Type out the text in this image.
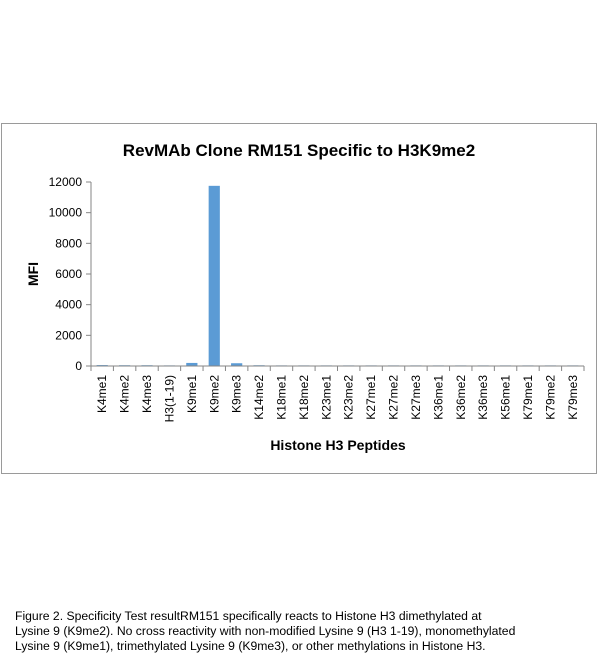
RevMAb Clone RM151 Specific to H3K9me2
MFI
Histone H3 Peptides
0
2000
4000
6000
8000
10000
12000
K4me1 K4me2 K4me3 H3(1-19) K9me1 K9me2 K9me3 K14me2 K18me1 K18me2 K23me1 K23me2 K27me1 K27me2 K27me3 K36me1 K36me2 K36me3 K56me1 K79me1 K79me2 K79me3
Figure 2. Specificity Test resultRM151 specifically reacts to Histone H3 dimethylated at
Lysine 9 (K9me2). No cross reactivity with non-modified Lysine 9 (H3 1-19), monomethylated
Lysine 9 (K9me1), trimethylated Lysine 9 (K9me3), or other methylations in Histone H3.
